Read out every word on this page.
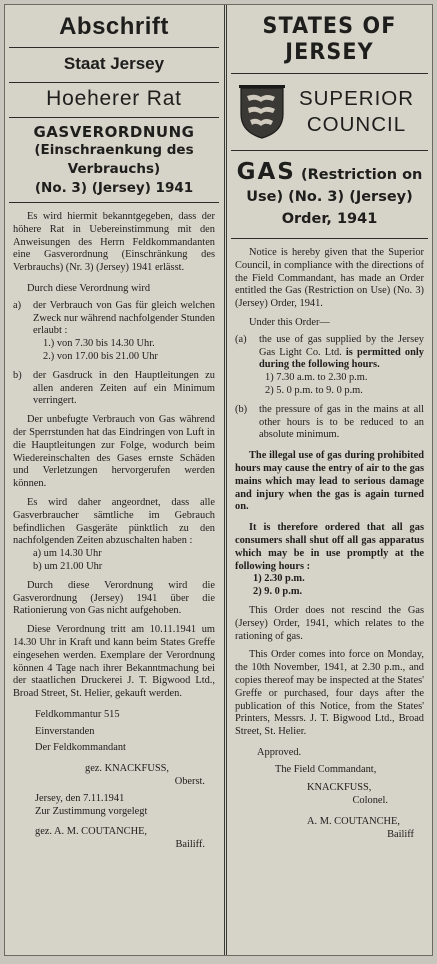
Abschrift
Staat Jersey
Hoeherer Rat
GASVERORDNUNG
(Einschraenkung des Verbrauchs)
(No. 3) (Jersey) 1941

Es wird hiermit bekanntgegeben, dass der höhere Rat in Uebereinstimmung mit den Anweisungen des Herrn Feldkommandanten eine Gasverordnung (Einschränkung des Verbrauchs) (Nr. 3) (Jersey) 1941 erlässt.

Durch diese Verordnung wird

a)	der Verbrauch von Gas für gleich welchen Zweck nur während nachfolgender Stunden erlaubt :

1.) von 7.30 bis 14.30 Uhr.

2.) von 17.00 bis 21.00 Uhr

b)	der Gasdruck in den Hauptleitungen zu allen anderen Zeiten auf ein Minimum verringert.

Der unbefugte Verbrauch von Gas während der Sperrstunden hat das Eindringen von Luft in die Hauptleitungen zur Folge, wodurch beim Wiedereinschalten des Gases ernste Schäden und Verletzungen hervorgerufen werden können.

Es wird daher angeordnet, dass alle Gasverbraucher sämtliche im Gebrauch befindlichen Gasgeräte pünktlich zu den nachfolgenden Zeiten abzuschalten haben :

a) um 14.30 Uhr

b) um 21.00 Uhr

Durch diese Verordnung wird die Gasverordnung (Jersey) 1941 über die Rationierung von Gas nicht aufgehoben.

Diese Verordnung tritt am 10.11.1941 um 14.30 Uhr in Kraft und kann beim States Greffe eingesehen werden. Exemplare der Verordnung können 4 Tage nach ihrer Bekanntmachung bei der staatlichen Druckerei J. T. Bigwood Ltd., Broad Street, St. Helier, gekauft werden.

Feldkommantur 515

Einverstanden

Der Feldkommandant

gez. KNACKFUSS,

Oberst.

Jersey, den 7.11.1941

Zur Zustimmung vorgelegt

gez. A. M. COUTANCHE,

Bailiff.

STATES OF JERSEY
SUPERIOR
COUNCIL
GAS (Restriction on
Use) (No. 3) (Jersey) Order, 1941

Notice is hereby given that the Superior Council, in compliance with the directions of the Field Commandant, has made an Order entitled the Gas (Restriction on Use) (No. 3) (Jersey) Order, 1941.

Under this Order—

(a)	the use of gas supplied by the Jersey Gas Light Co. Ltd. is permitted only during the following hours.

1) 7.30 a.m. to 2.30 p.m.

2) 5. 0 p.m. to 9. 0 p.m.

(b)	the pressure of gas in the mains at all other hours is to be reduced to an absolute minimum.

The illegal use of gas during prohibited hours may cause the entry of air to the gas mains which may lead to serious damage and injury when the gas is again turned on.

It is therefore ordered that all gas consumers shall shut off all gas apparatus which may be in use promptly at the following hours :

1) 2.30 p.m.

2) 9. 0 p.m.

This Order does not rescind the Gas (Jersey) Order, 1941, which relates to the rationing of gas.

This Order comes into force on Monday, the 10th November, 1941, at 2.30 p.m., and copies thereof may be inspected at the States' Greffe or purchased, four days after the publication of this Notice, from the States' Printers, Messrs. J. T. Bigwood Ltd., Broad Street, St. Helier.

Approved.

The Field Commandant,

KNACKFUSS,

Colonel.

A. M. COUTANCHE,

Bailiff
